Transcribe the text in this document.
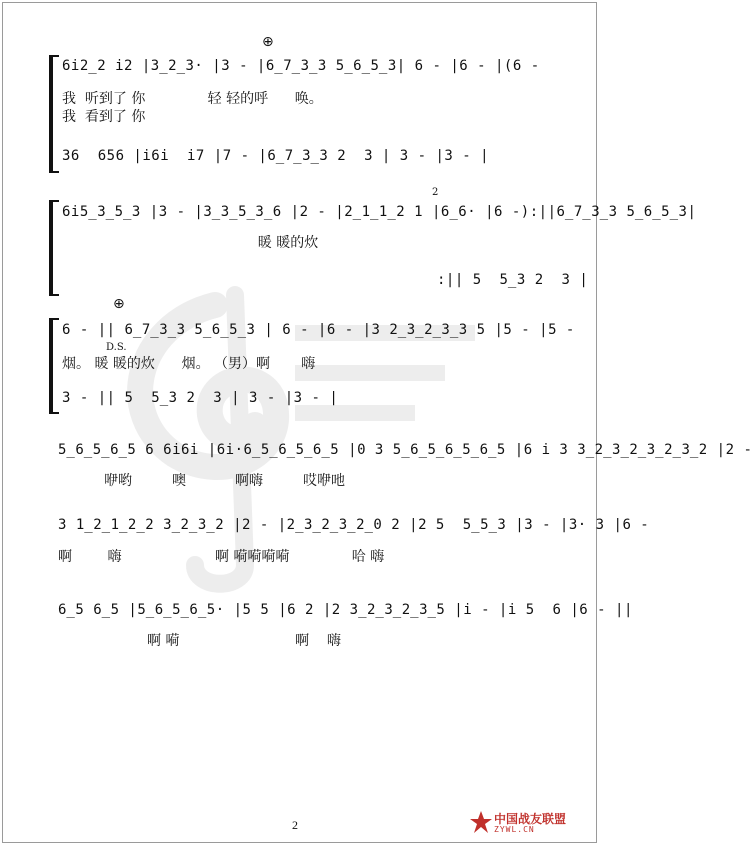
⊕

6i2̲2 i2 |3̲2̲3· |3 - |6̲7̲3̲3 5̲6̲5̲3| 6 - |6 - |(6 -

我  听到了 你              轻 轻的呼      唤。
我  看到了 你

36  656 |i6i  i7 |7 - |6̲7̲3̲3 2  3 | 3 - |3 - |

2

6i5̲3̲5̲3 |3 - |3̲3̲5̲3̲6 |2 - |2̲1̲1̲2 1 |6̲6· |6 -):||6̲7̲3̲3 5̲6̲5̲3|

暖 暖的炊

:|| 5  5̲3 2  3 |

⊕

6 - || 6̲7̲3̲3 5̲6̲5̲3 | 6 - |6 - |3 2̲3̲2̲3̲3 5 |5 - |5 -

D.S.
烟。 暖 暖的炊      烟。 （男）啊       嗨

3 - || 5  5̲3 2  3 | 3 - |3 - |

5̲6̲5̲6̲5 6 6i6i |6i·6̲5̲6̲5̲6̲5 |0 3 5̲6̲5̲6̲5̲6̲5 |6 i 3 3̲2̲3̲2̲3̲2̲3̲2 |2 -

咿哟         噢           啊嗨         哎咿吔

3 1̲2̲1̲2̲2 3̲2̲3̲2 |2 - |2̲3̲2̲3̲2̲0 2 |2 5  5̲5̲3 |3 - |3· 3 |6 -

啊        嗨                     啊 嗬嗬嗬嗬              哈 嗨

6̲5 6̲5 |5̲6̲5̲6̲5· |5 5 |6 2 |2 3̲2̲3̲2̲3̲5 |i - |i 5  6 |6 - ||

啊 嗬                          啊    嗨
2	中国战友联盟
ZYWL.CN
